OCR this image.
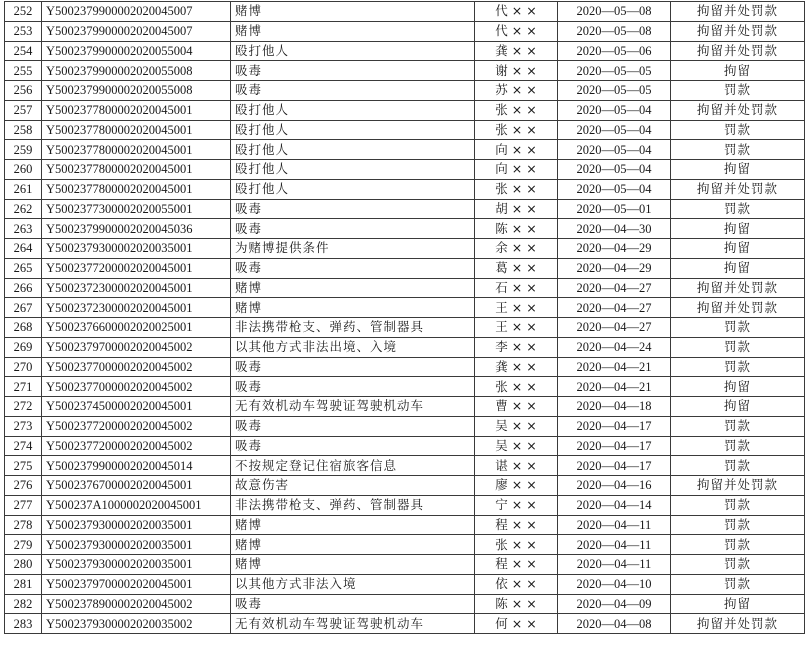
252	Y5002379900002020045007	赌博	代 × ×	2020—05—08	拘留并处罚款
253	Y5002379900002020045007	赌博	代 × ×	2020—05—08	拘留并处罚款
254	Y5002379900002020055004	殴打他人	龚 × ×	2020—05—06	拘留并处罚款
255	Y5002379900002020055008	吸毒	谢 × ×	2020—05—05	拘留
256	Y5002379900002020055008	吸毒	苏 × ×	2020—05—05	罚款
257	Y5002377800002020045001	殴打他人	张 × ×	2020—05—04	拘留并处罚款
258	Y5002377800002020045001	殴打他人	张 × ×	2020—05—04	罚款
259	Y5002377800002020045001	殴打他人	向 × ×	2020—05—04	罚款
260	Y5002377800002020045001	殴打他人	向 × ×	2020—05—04	拘留
261	Y5002377800002020045001	殴打他人	张 × ×	2020—05—04	拘留并处罚款
262	Y5002377300002020055001	吸毒	胡 × ×	2020—05—01	罚款
263	Y5002379900002020045036	吸毒	陈 × ×	2020—04—30	拘留
264	Y5002379300002020035001	为赌博提供条件	余 × ×	2020—04—29	拘留
265	Y5002377200002020045001	吸毒	葛 × ×	2020—04—29	拘留
266	Y5002372300002020045001	赌博	石 × ×	2020—04—27	拘留并处罚款
267	Y5002372300002020045001	赌博	王 × ×	2020—04—27	拘留并处罚款
268	Y5002376600002020025001	非法携带枪支、弹药、管制器具	王 × ×	2020—04—27	罚款
269	Y5002379700002020045002	以其他方式非法出境、入境	李 × ×	2020—04—24	罚款
270	Y5002377000002020045002	吸毒	龚 × ×	2020—04—21	罚款
271	Y5002377000002020045002	吸毒	张 × ×	2020—04—21	拘留
272	Y5002374500002020045001	无有效机动车驾驶证驾驶机动车	曹 × ×	2020—04—18	拘留
273	Y5002377200002020045002	吸毒	吴 × ×	2020—04—17	罚款
274	Y5002377200002020045002	吸毒	吴 × ×	2020—04—17	罚款
275	Y5002379900002020045014	不按规定登记住宿旅客信息	谌 × ×	2020—04—17	罚款
276	Y5002376700002020045001	故意伤害	廖 × ×	2020—04—16	拘留并处罚款
277	Y500237A1000002020045001	非法携带枪支、弹药、管制器具	宁 × ×	2020—04—14	罚款
278	Y5002379300002020035001	赌博	程 × ×	2020—04—11	罚款
279	Y5002379300002020035001	赌博	张 × ×	2020—04—11	罚款
280	Y5002379300002020035001	赌博	程 × ×	2020—04—11	罚款
281	Y5002379700002020045001	以其他方式非法入境	依 × ×	2020—04—10	罚款
282	Y5002378900002020045002	吸毒	陈 × ×	2020—04—09	拘留
283	Y5002379300002020035002	无有效机动车驾驶证驾驶机动车	何 × ×	2020—04—08	拘留并处罚款
